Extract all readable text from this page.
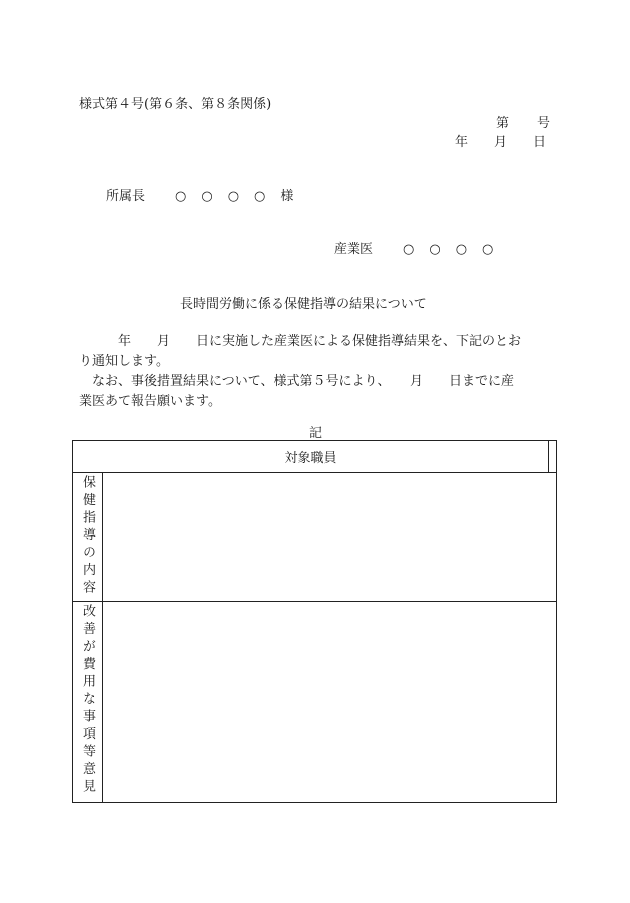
様式第４号(第６条、第８条関係)
第 号
年 月 日
所属長 ○　○　○　○ 様
産業医 ○　○　○　○
長時間労働に係る保健指導の結果について
　　　年　　月　　日に実施した産業医による保健指導結果を、下記のとお
り通知します。
　なお、事後措置結果について、様式第５号により、　　月　　日までに産
業医あて報告願います。
記
対象職員		

保健指導の内容		

改善が費用な事項等意見		
